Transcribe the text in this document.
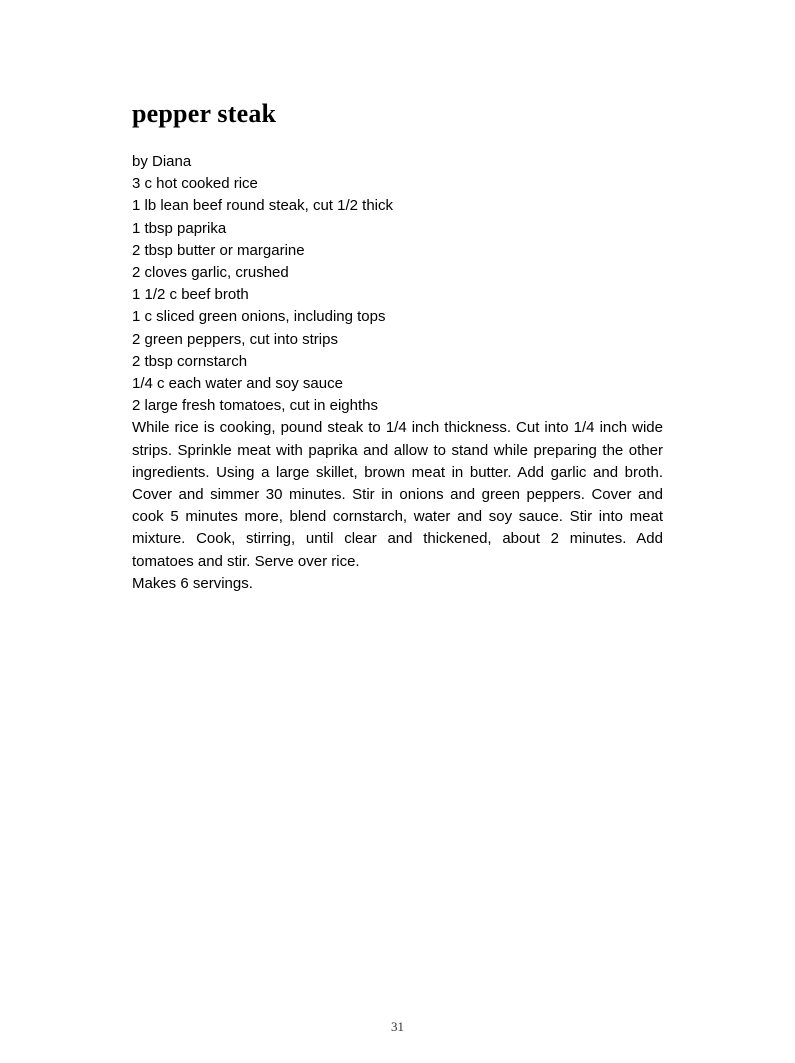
pepper steak
by Diana
3 c hot cooked rice
1 lb lean beef round steak, cut 1/2 thick
1 tbsp paprika
2 tbsp butter or margarine
2 cloves garlic, crushed
1 1/2 c beef broth
1 c sliced green onions, including tops
2 green peppers, cut into strips
2 tbsp cornstarch
1/4 c each water and soy sauce
2 large fresh tomatoes, cut in eighths

While rice is cooking, pound steak to 1/4 inch thickness. Cut into 1/4 inch wide strips. Sprinkle meat with paprika and allow to stand while preparing the other ingredients. Using a large skillet, brown meat in butter. Add garlic and broth. Cover and simmer 30 minutes. Stir in onions and green peppers. Cover and cook 5 minutes more, blend cornstarch, water and soy sauce. Stir into meat mixture. Cook, stirring, until clear and thickened, about 2 minutes. Add tomatoes and stir. Serve over rice.

Makes 6 servings.
31
